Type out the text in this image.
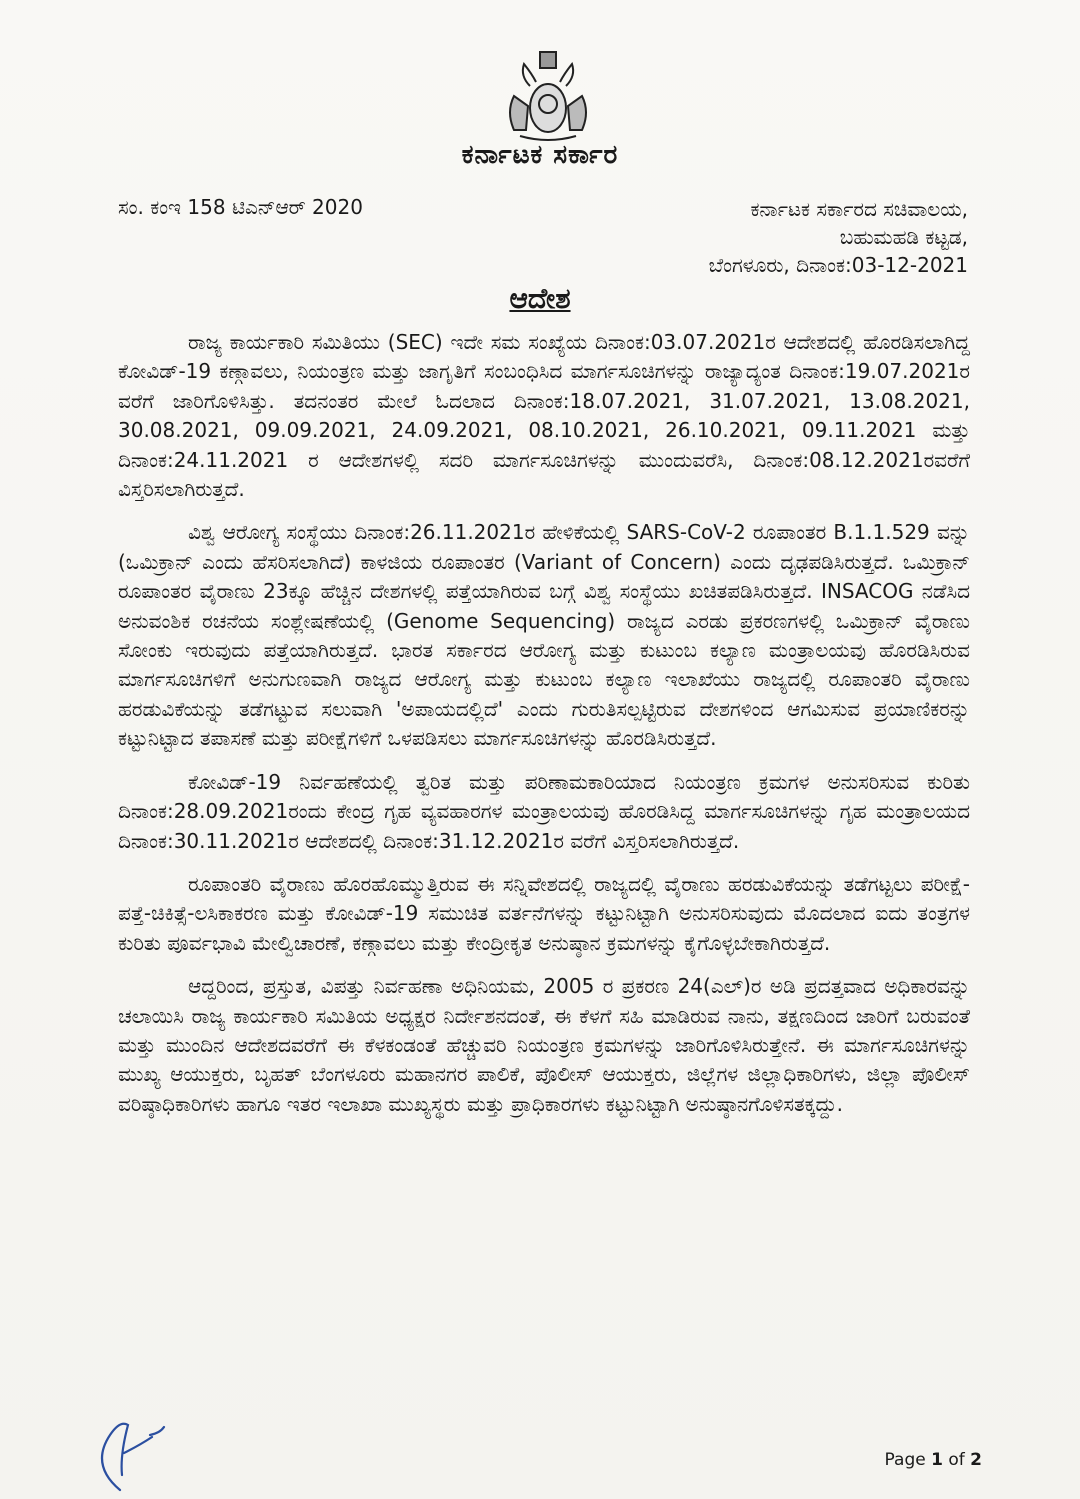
ಕರ್ನಾಟಕ ಸರ್ಕಾರ
ಸಂ. ಕಂಇ 158 ಟಿಎನ್‌ಆರ್ 2020	ಕರ್ನಾಟಕ ಸರ್ಕಾರದ ಸಚಿವಾಲಯ,
ಬಹುಮಹಡಿ ಕಟ್ಟಡ,
ಬೆಂಗಳೂರು, ದಿನಾಂಕ:03-12-2021
ಆದೇಶ

ರಾಜ್ಯ ಕಾರ್ಯಕಾರಿ ಸಮಿತಿಯು (SEC) ಇದೇ ಸಮ ಸಂಖ್ಯೆಯ ದಿನಾಂಕ:03.07.2021ರ ಆದೇಶದಲ್ಲಿ ಹೊರಡಿಸಲಾಗಿದ್ದ ಕೋವಿಡ್-19 ಕಣ್ಗಾವಲು, ನಿಯಂತ್ರಣ ಮತ್ತು ಜಾಗೃತಿಗೆ ಸಂಬಂಧಿಸಿದ ಮಾರ್ಗಸೂಚಿಗಳನ್ನು ರಾಜ್ಯಾದ್ಯಂತ ದಿನಾಂಕ:19.07.2021ರ ವರೆಗೆ ಜಾರಿಗೊಳಿಸಿತ್ತು. ತದನಂತರ ಮೇಲೆ ಓದಲಾದ ದಿನಾಂಕ:18.07.2021, 31.07.2021, 13.08.2021, 30.08.2021, 09.09.2021, 24.09.2021, 08.10.2021, 26.10.2021, 09.11.2021 ಮತ್ತು ದಿನಾಂಕ:24.11.2021 ರ ಆದೇಶಗಳಲ್ಲಿ ಸದರಿ ಮಾರ್ಗಸೂಚಿಗಳನ್ನು ಮುಂದುವರೆಸಿ, ದಿನಾಂಕ:08.12.2021ರವರೆಗೆ ವಿಸ್ತರಿಸಲಾಗಿರುತ್ತದೆ.

ವಿಶ್ವ ಆರೋಗ್ಯ ಸಂಸ್ಥೆಯು ದಿನಾಂಕ:26.11.2021ರ ಹೇಳಿಕೆಯಲ್ಲಿ SARS-CoV-2 ರೂಪಾಂತರ B.1.1.529 ವನ್ನು (ಒಮಿಕ್ರಾನ್ ಎಂದು ಹೆಸರಿಸಲಾಗಿದೆ) ಕಾಳಜಿಯ ರೂಪಾಂತರ (Variant of Concern) ಎಂದು ದೃಢಪಡಿಸಿರುತ್ತದೆ. ಒಮಿಕ್ರಾನ್ ರೂಪಾಂತರ ವೈರಾಣು 23ಕ್ಕೂ ಹೆಚ್ಚಿನ ದೇಶಗಳಲ್ಲಿ ಪತ್ತೆಯಾಗಿರುವ ಬಗ್ಗೆ ವಿಶ್ವ ಸಂಸ್ಥೆಯು ಖಚಿತಪಡಿಸಿರುತ್ತದೆ. INSACOG ನಡೆಸಿದ ಅನುವಂಶಿಕ ರಚನೆಯ ಸಂಶ್ಲೇಷಣೆಯಲ್ಲಿ (Genome Sequencing) ರಾಜ್ಯದ ಎರಡು ಪ್ರಕರಣಗಳಲ್ಲಿ ಒಮಿಕ್ರಾನ್ ವೈರಾಣು ಸೋಂಕು ಇರುವುದು ಪತ್ತೆಯಾಗಿರುತ್ತದೆ. ಭಾರತ ಸರ್ಕಾರದ ಆರೋಗ್ಯ ಮತ್ತು ಕುಟುಂಬ ಕಲ್ಯಾಣ ಮಂತ್ರಾಲಯವು ಹೊರಡಿಸಿರುವ ಮಾರ್ಗಸೂಚಿಗಳಿಗೆ ಅನುಗುಣವಾಗಿ ರಾಜ್ಯದ ಆರೋಗ್ಯ ಮತ್ತು ಕುಟುಂಬ ಕಲ್ಯಾಣ ಇಲಾಖೆಯು ರಾಜ್ಯದಲ್ಲಿ ರೂಪಾಂತರಿ ವೈರಾಣು ಹರಡುವಿಕೆಯನ್ನು ತಡೆಗಟ್ಟುವ ಸಲುವಾಗಿ 'ಅಪಾಯದಲ್ಲಿದೆ' ಎಂದು ಗುರುತಿಸಲ್ಪಟ್ಟಿರುವ ದೇಶಗಳಿಂದ ಆಗಮಿಸುವ ಪ್ರಯಾಣಿಕರನ್ನು ಕಟ್ಟುನಿಟ್ಟಾದ ತಪಾಸಣೆ ಮತ್ತು ಪರೀಕ್ಷೆಗಳಿಗೆ ಒಳಪಡಿಸಲು ಮಾರ್ಗಸೂಚಿಗಳನ್ನು ಹೊರಡಿಸಿರುತ್ತದೆ.

ಕೋವಿಡ್-19 ನಿರ್ವಹಣೆಯಲ್ಲಿ ತ್ವರಿತ ಮತ್ತು ಪರಿಣಾಮಕಾರಿಯಾದ ನಿಯಂತ್ರಣ ಕ್ರಮಗಳ ಅನುಸರಿಸುವ ಕುರಿತು ದಿನಾಂಕ:28.09.2021ರಂದು ಕೇಂದ್ರ ಗೃಹ ವ್ಯವಹಾರಗಳ ಮಂತ್ರಾಲಯವು ಹೊರಡಿಸಿದ್ದ ಮಾರ್ಗಸೂಚಿಗಳನ್ನು ಗೃಹ ಮಂತ್ರಾಲಯದ ದಿನಾಂಕ:30.11.2021ರ ಆದೇಶದಲ್ಲಿ ದಿನಾಂಕ:31.12.2021ರ ವರೆಗೆ ವಿಸ್ತರಿಸಲಾಗಿರುತ್ತದೆ.

ರೂಪಾಂತರಿ ವೈರಾಣು ಹೊರಹೊಮ್ಮುತ್ತಿರುವ ಈ ಸನ್ನಿವೇಶದಲ್ಲಿ ರಾಜ್ಯದಲ್ಲಿ ವೈರಾಣು ಹರಡುವಿಕೆಯನ್ನು ತಡೆಗಟ್ಟಲು ಪರೀಕ್ಷೆ-ಪತ್ತೆ-ಚಿಕಿತ್ಸೆ-ಲಸಿಕಾಕರಣ ಮತ್ತು ಕೋವಿಡ್-19 ಸಮುಚಿತ ವರ್ತನೆಗಳನ್ನು ಕಟ್ಟುನಿಟ್ಟಾಗಿ ಅನುಸರಿಸುವುದು ಮೊದಲಾದ ಐದು ತಂತ್ರಗಳ ಕುರಿತು ಪೂರ್ವಭಾವಿ ಮೇಲ್ವಿಚಾರಣೆ, ಕಣ್ಗಾವಲು ಮತ್ತು ಕೇಂದ್ರೀಕೃತ ಅನುಷ್ಠಾನ ಕ್ರಮಗಳನ್ನು ಕೈಗೊಳ್ಳಬೇಕಾಗಿರುತ್ತದೆ.

ಆದ್ದರಿಂದ, ಪ್ರಸ್ತುತ, ವಿಪತ್ತು ನಿರ್ವಹಣಾ ಅಧಿನಿಯಮ, 2005 ರ ಪ್ರಕರಣ 24(ಎಲ್)ರ ಅಡಿ ಪ್ರದತ್ತವಾದ ಅಧಿಕಾರವನ್ನು ಚಲಾಯಿಸಿ ರಾಜ್ಯ ಕಾರ್ಯಕಾರಿ ಸಮಿತಿಯ ಅಧ್ಯಕ್ಷರ ನಿರ್ದೇಶನದಂತೆ, ಈ ಕೆಳಗೆ ಸಹಿ ಮಾಡಿರುವ ನಾನು, ತಕ್ಷಣದಿಂದ ಜಾರಿಗೆ ಬರುವಂತೆ ಮತ್ತು ಮುಂದಿನ ಆದೇಶದವರೆಗೆ ಈ ಕೆಳಕಂಡಂತೆ ಹೆಚ್ಚುವರಿ ನಿಯಂತ್ರಣ ಕ್ರಮಗಳನ್ನು ಜಾರಿಗೊಳಿಸಿರುತ್ತೇನೆ. ಈ ಮಾರ್ಗಸೂಚಿಗಳನ್ನು ಮುಖ್ಯ ಆಯುಕ್ತರು, ಬೃಹತ್ ಬೆಂಗಳೂರು ಮಹಾನಗರ ಪಾಲಿಕೆ, ಪೊಲೀಸ್ ಆಯುಕ್ತರು, ಜಿಲ್ಲೆಗಳ ಜಿಲ್ಲಾಧಿಕಾರಿಗಳು, ಜಿಲ್ಲಾ ಪೊಲೀಸ್ ವರಿಷ್ಠಾಧಿಕಾರಿಗಳು ಹಾಗೂ ಇತರ ಇಲಾಖಾ ಮುಖ್ಯಸ್ಥರು ಮತ್ತು ಪ್ರಾಧಿಕಾರಗಳು ಕಟ್ಟುನಿಟ್ಟಾಗಿ ಅನುಷ್ಠಾನಗೊಳಿಸತಕ್ಕದ್ದು.

Page 1 of 2
